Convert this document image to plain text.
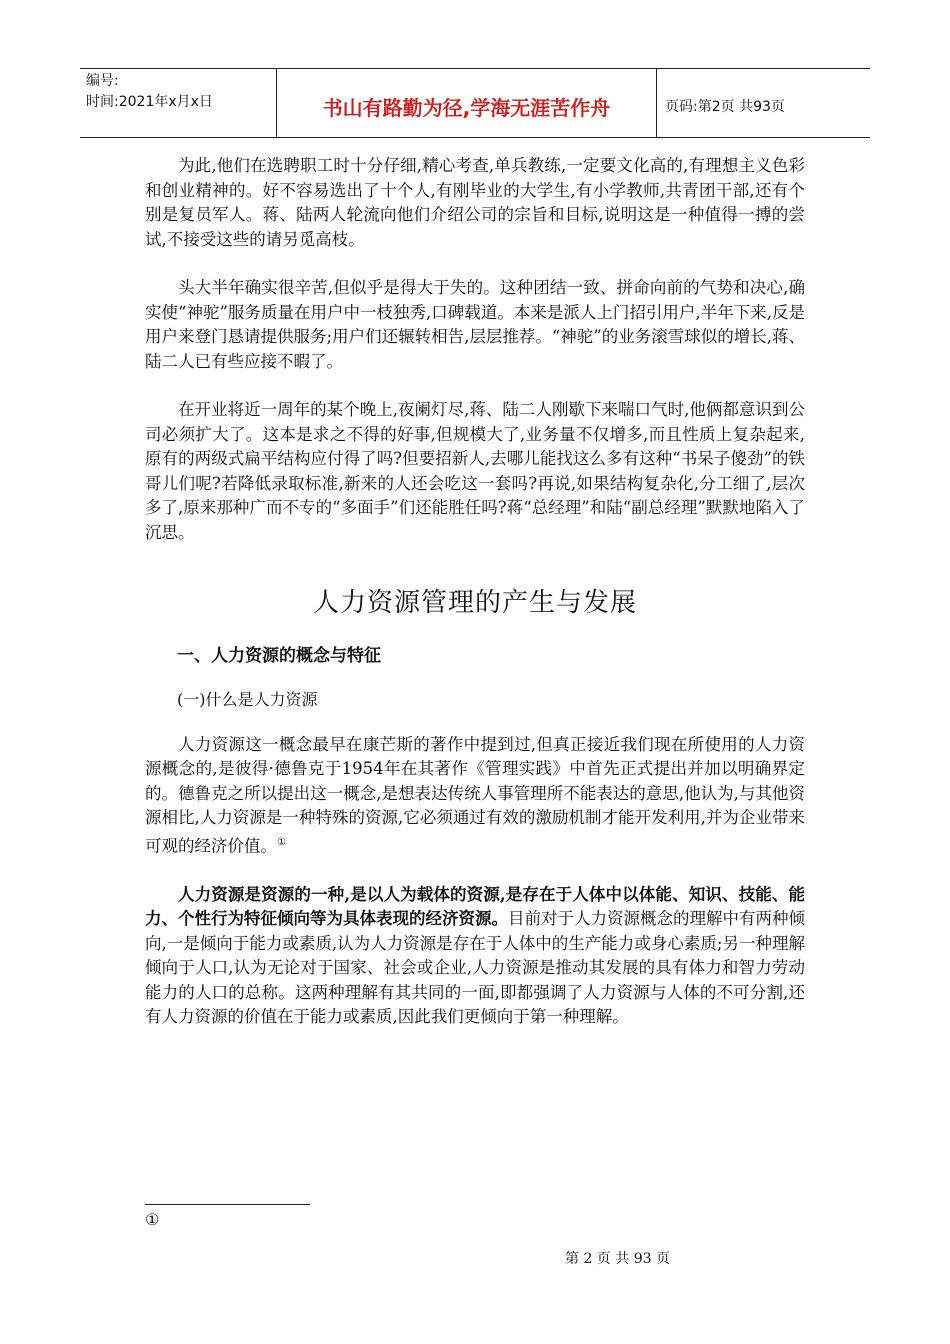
编号:
时间:2021年x月x日	书山有路勤为径,学海无涯苦作舟	页码:第2页 共93页

为此,他们在选聘职工时十分仔细,精心考查,单兵教练,一定要文化高的,有理想主义色彩和创业精神的。好不容易选出了十个人,有刚毕业的大学生,有小学教师,共青团干部,还有个别是复员军人。蒋、陆两人轮流向他们介绍公司的宗旨和目标,说明这是一种值得一搏的尝试,不接受这些的请另觅高枝。

头大半年确实很辛苦,但似乎是得大于失的。这种团结一致、拼命向前的气势和决心,确实使“神驼”服务质量在用户中一枝独秀,口碑载道。本来是派人上门招引用户,半年下来,反是用户来登门恳请提供服务;用户们还辗转相告,层层推荐。“神驼”的业务滚雪球似的增长,蒋、陆二人已有些应接不暇了。

在开业将近一周年的某个晚上,夜阑灯尽,蒋、陆二人刚歇下来喘口气时,他俩都意识到公司必须扩大了。这本是求之不得的好事,但规模大了,业务量不仅增多,而且性质上复杂起来,原有的两级式扁平结构应付得了吗?但要招新人,去哪儿能找这么多有这种“书呆子傻劲”的铁哥儿们呢?若降低录取标准,新来的人还会吃这一套吗?再说,如果结构复杂化,分工细了,层次多了,原来那种广而不专的“多面手”们还能胜任吗?蒋“总经理”和陆“副总经理”默默地陷入了沉思。

人力资源管理的产生与发展
一、人力资源的概念与特征
(一)什么是人力资源

人力资源这一概念最早在康芒斯的著作中提到过,但真正接近我们现在所使用的人力资源概念的,是彼得·德鲁克于1954年在其著作《管理实践》中首先正式提出并加以明确界定的。德鲁克之所以提出这一概念,是想表达传统人事管理所不能表达的意思,他认为,与其他资源相比,人力资源是一种特殊的资源,它必须通过有效的激励机制才能开发利用,并为企业带来可观的经济价值。①

人力资源是资源的一种,是以人为载体的资源,是存在于人体中以体能、知识、技能、能力、个性行为特征倾向等为具体表现的经济资源。目前对于人力资源概念的理解中有两种倾向,一是倾向于能力或素质,认为人力资源是存在于人体中的生产能力或身心素质;另一种理解倾向于人口,认为无论对于国家、社会或企业,人力资源是推动其发展的具有体力和智力劳动能力的人口的总称。这两种理解有其共同的一面,即都强调了人力资源与人体的不可分割,还有人力资源的价值在于能力或素质,因此我们更倾向于第一种理解。

①
第 2 页 共 93 页
